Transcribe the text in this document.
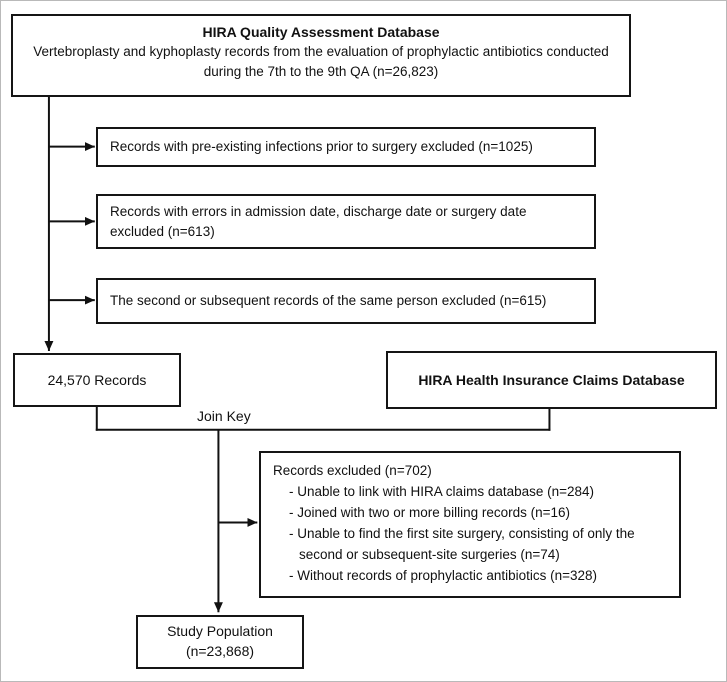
HIRA Quality Assessment Database
Vertebroplasty and kyphoplasty records from the evaluation of prophylactic antibiotics conducted during the 7th to the 9th QA (n=26,823)
Records with pre-existing infections prior to surgery excluded (n=1025)
Records with errors in admission date, discharge date or surgery date excluded (n=613)
The second or subsequent records of the same person excluded (n=615)
24,570 Records	HIRA Health Insurance Claims Database
Join Key
Records excluded (n=702)
- Unable to link with HIRA claims database (n=284)
- Joined with two or more billing records (n=16)
- Unable to find the first site surgery, consisting of only the second or subsequent-site surgeries (n=74)
- Without records of prophylactic antibiotics (n=328)
Study Population
(n=23,868)
